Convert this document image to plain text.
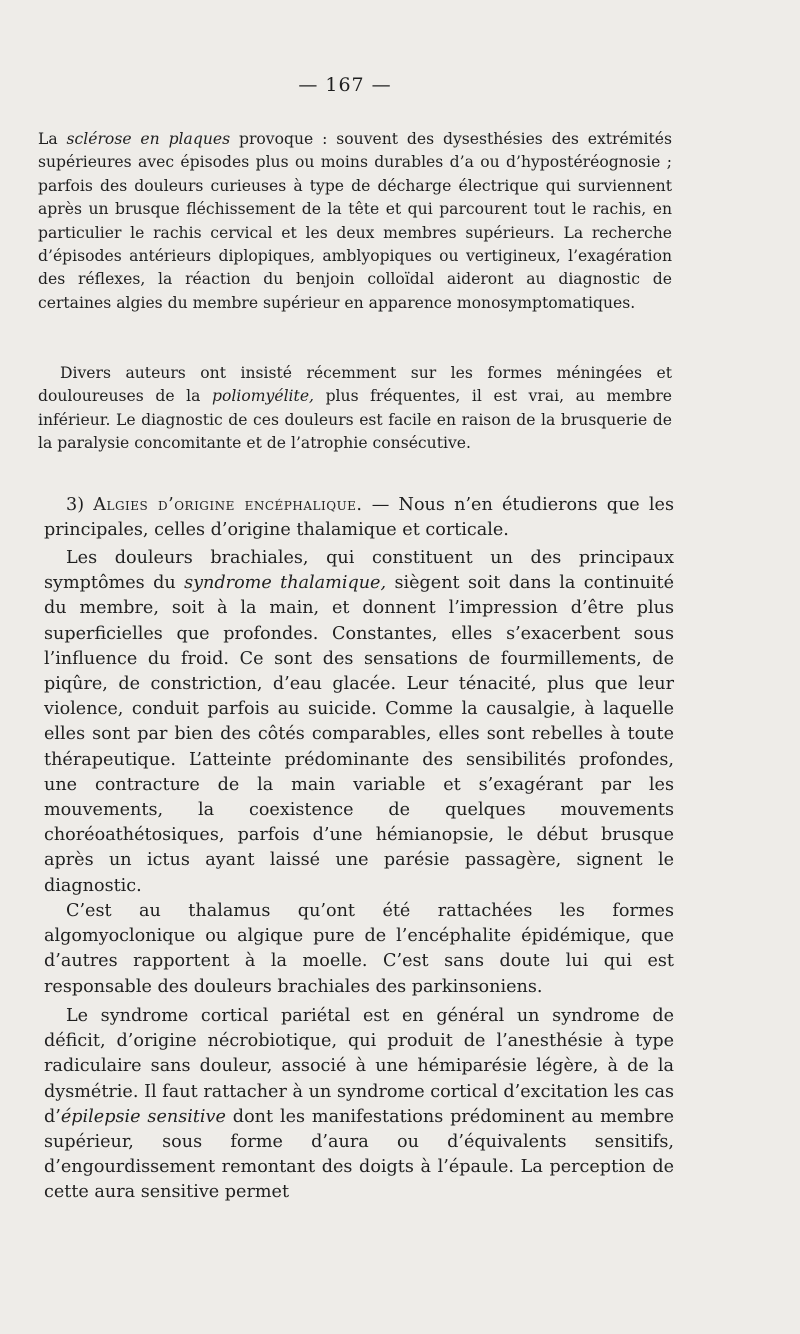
— 167 —

La sclérose en plaques provoque : souvent des dysesthésies des extrémités supérieures avec épisodes plus ou moins durables d’a ou d’hypostéréognosie ; parfois des douleurs curieuses à type de décharge électrique qui surviennent après un brusque fléchissement de la tête et qui parcourent tout le rachis, en particulier le rachis cervical et les deux membres supérieurs. La recherche d’épisodes antérieurs diplopiques, amblyopiques ou vertigineux, l’exagération des réflexes, la réaction du benjoin colloïdal aideront au diagnostic de certaines algies du membre supérieur en apparence monosymptomatiques.

Divers auteurs ont insisté récemment sur les formes méningées et douloureuses de la poliomyélite, plus fréquentes, il est vrai, au membre inférieur. Le diagnostic de ces douleurs est facile en raison de la brusquerie de la paralysie concomitante et de l’atrophie consécutive.

3) Algies d’origine encéphalique. — Nous n’en étudierons que les principales, celles d’origine thalamique et corticale.

Les douleurs brachiales, qui constituent un des principaux symptômes du syndrome thalamique, siègent soit dans la continuité du membre, soit à la main, et donnent l’impression d’être plus superficielles que profondes. Constantes, elles s’exacerbent sous l’influence du froid. Ce sont des sensations de fourmillements, de piqûre, de constriction, d’eau glacée. Leur ténacité, plus que leur violence, conduit parfois au suicide. Comme la causalgie, à laquelle elles sont par bien des côtés comparables, elles sont rebelles à toute thérapeutique. L’atteinte prédominante des sensibilités profondes, une contracture de la main variable et s’exagérant par les mouvements, la coexistence de quelques mouvements choréoathétosiques, parfois d’une hémianopsie, le début brusque après un ictus ayant laissé une parésie passagère, signent le diagnostic.

C’est au thalamus qu’ont été rattachées les formes algomyoclonique ou algique pure de l’encéphalite épidémique, que d’autres rapportent à la moelle. C’est sans doute lui qui est responsable des douleurs brachiales des parkinsoniens.

Le syndrome cortical pariétal est en général un syndrome de déficit, d’origine nécrobiotique, qui produit de l’anesthésie à type radiculaire sans douleur, associé à une hémiparésie légère, à de la dysmétrie. Il faut rattacher à un syndrome cortical d’excitation les cas d’épilepsie sensitive dont les manifestations prédominent au membre supérieur, sous forme d’aura ou d’équivalents sensitifs, d’engourdissement remontant des doigts à l’épaule. La perception de cette aura sensitive permet
